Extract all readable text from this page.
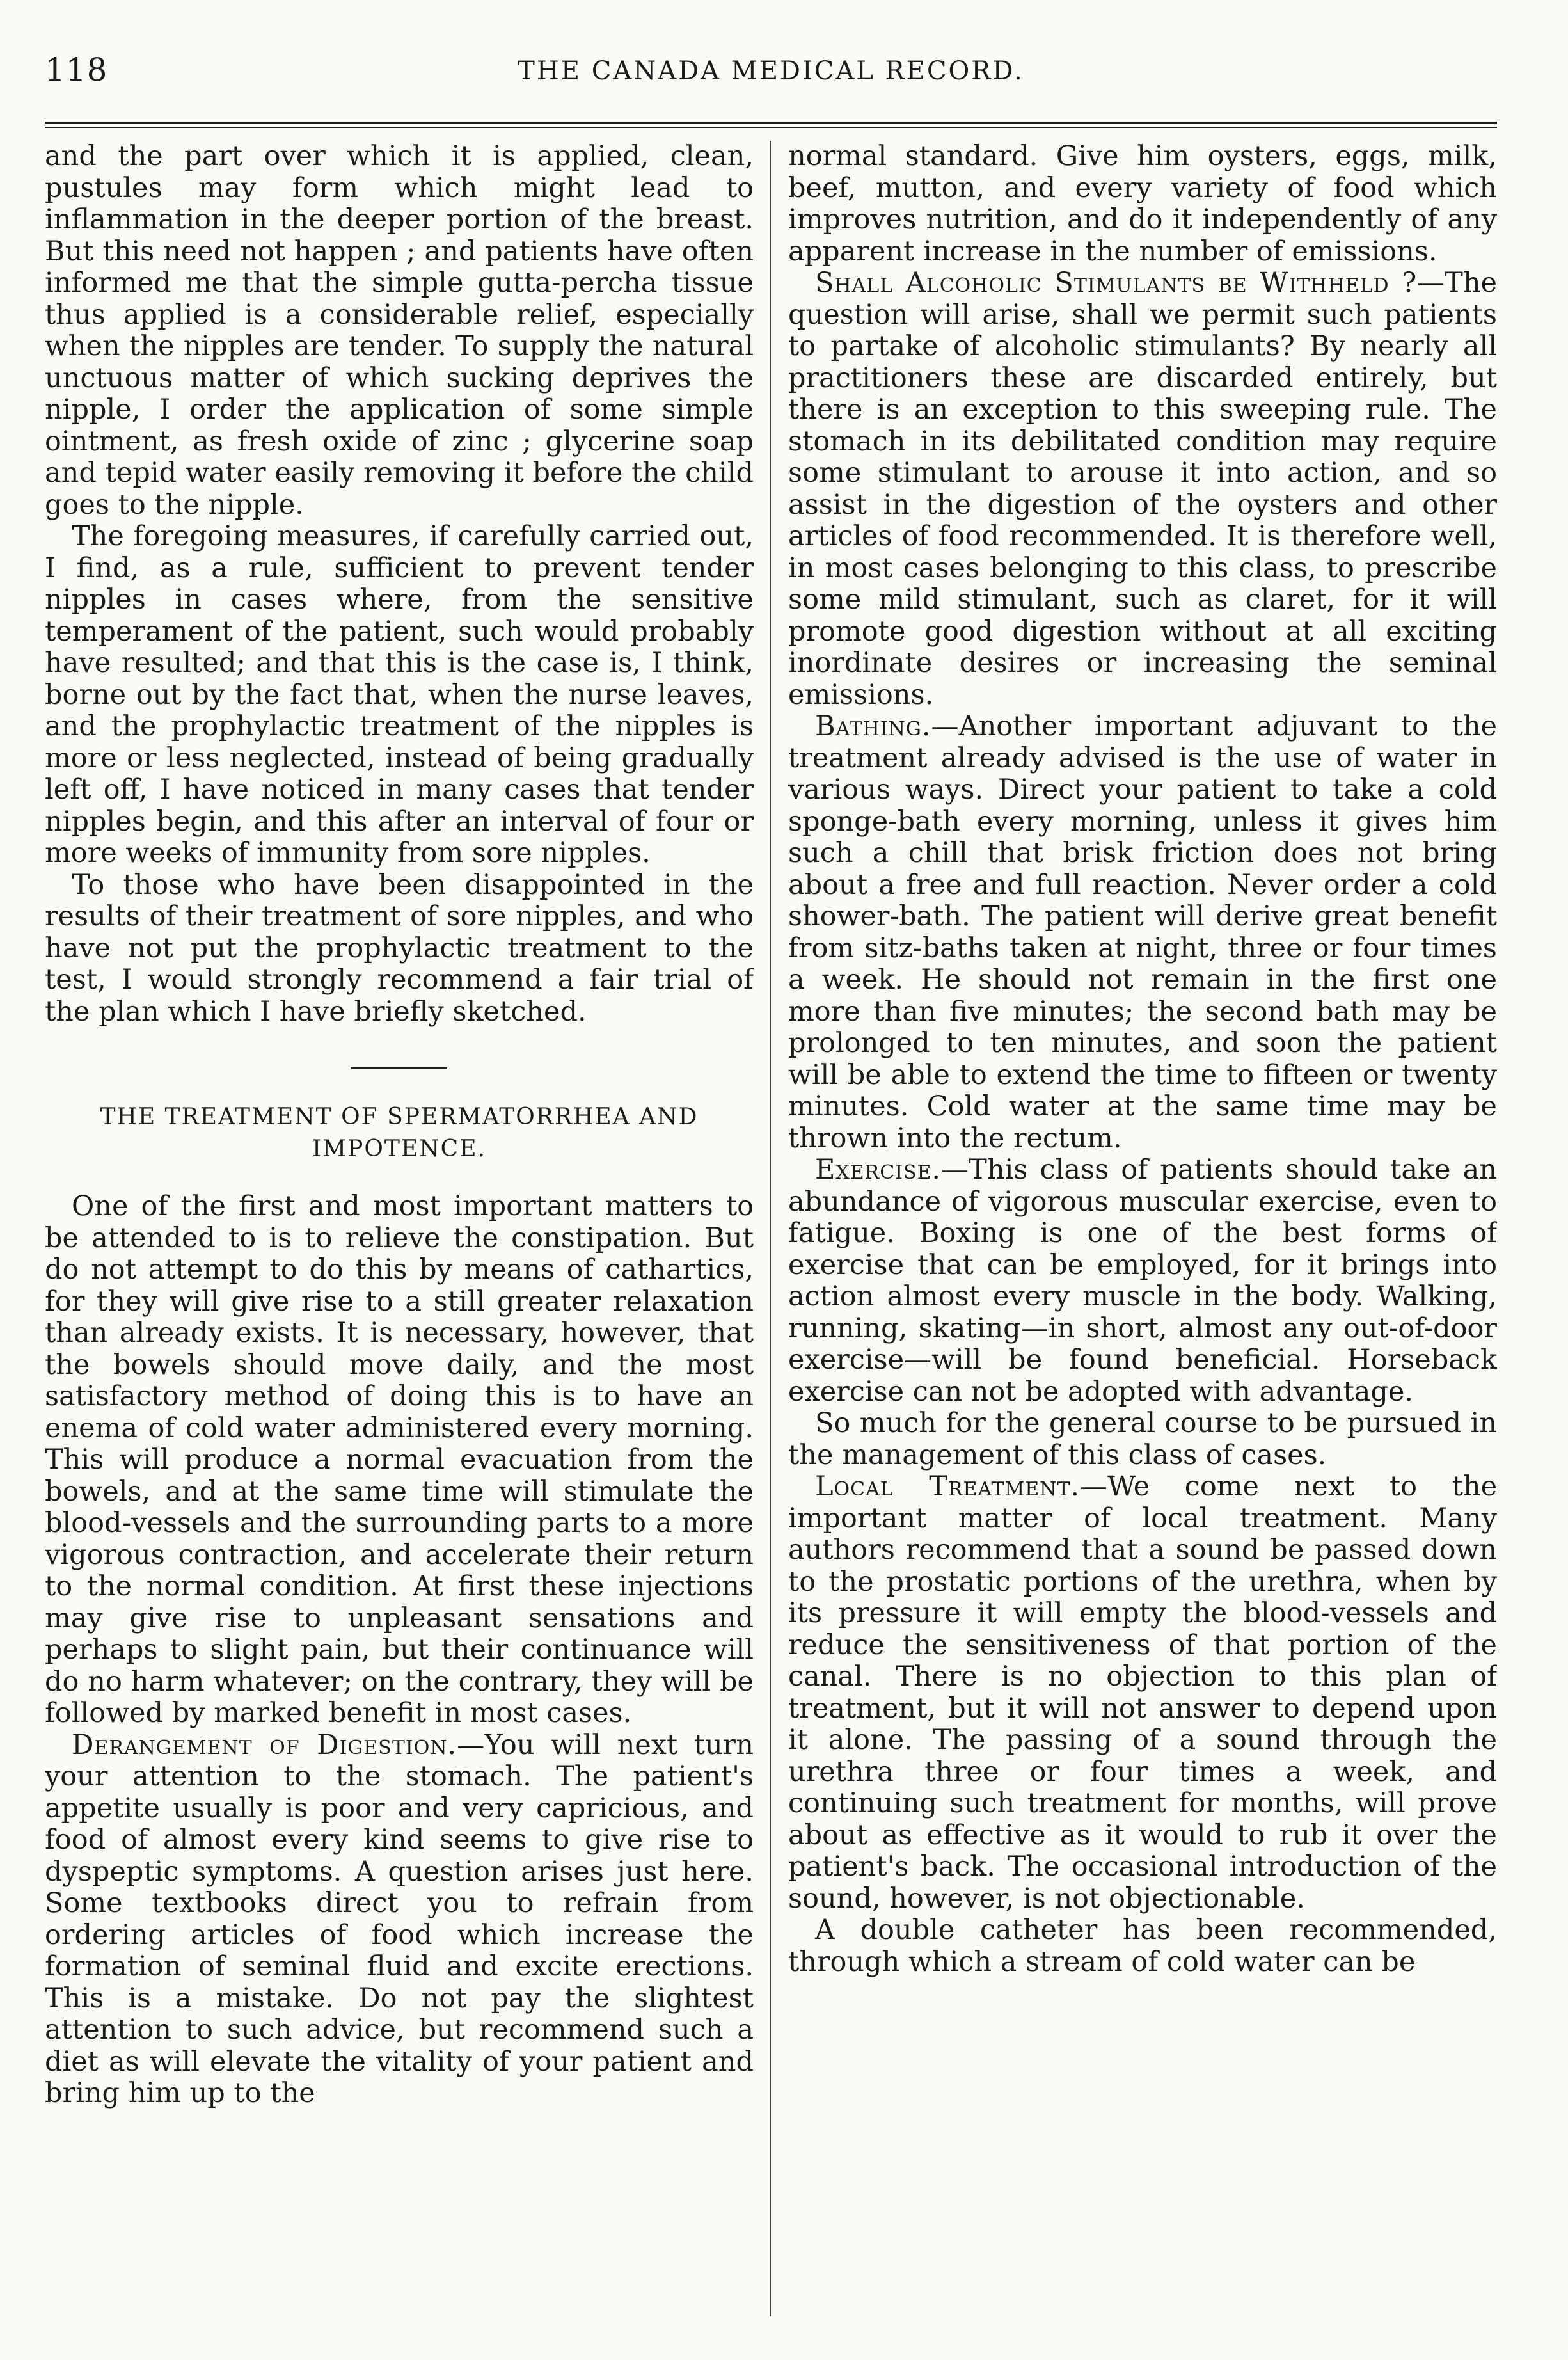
118	THE CANADA MEDICAL RECORD.

and the part over which it is applied, clean, pustules may form which might lead to inflammation in the deeper portion of the breast. But this need not happen ; and patients have often informed me that the simple gutta-percha tissue thus applied is a considerable relief, especially when the nipples are tender. To supply the natural unctuous matter of which sucking deprives the nipple, I order the application of some simple ointment, as fresh oxide of zinc ; glycerine soap and tepid water easily removing it before the child goes to the nipple.

The foregoing measures, if carefully carried out, I find, as a rule, sufficient to prevent tender nipples in cases where, from the sensitive temperament of the patient, such would probably have resulted; and that this is the case is, I think, borne out by the fact that, when the nurse leaves, and the prophylactic treatment of the nipples is more or less neglected, instead of being gradually left off, I have noticed in many cases that tender nipples begin, and this after an interval of four or more weeks of immunity from sore nipples.

To those who have been disappointed in the results of their treatment of sore nipples, and who have not put the prophylactic treatment to the test, I would strongly recommend a fair trial of the plan which I have briefly sketched.

THE TREATMENT OF SPERMATORRHEA AND IMPOTENCE.

One of the first and most important matters to be attended to is to relieve the constipation. But do not attempt to do this by means of cathartics, for they will give rise to a still greater relaxation than already exists. It is necessary, however, that the bowels should move daily, and the most satisfactory method of doing this is to have an enema of cold water administered every morning. This will produce a normal evacuation from the bowels, and at the same time will stimulate the blood-vessels and the surrounding parts to a more vigorous contraction, and accelerate their return to the normal condition. At first these injections may give rise to unpleasant sensations and perhaps to slight pain, but their continuance will do no harm whatever; on the contrary, they will be followed by marked benefit in most cases.

Derangement of Digestion.—You will next turn your attention to the stomach. The patient's appetite usually is poor and very capricious, and food of almost every kind seems to give rise to dyspeptic symptoms. A question arises just here. Some textbooks direct you to refrain from ordering articles of food which increase the formation of seminal fluid and excite erections. This is a mistake. Do not pay the slightest attention to such advice, but recommend such a diet as will elevate the vitality of your patient and bring him up to the

normal standard. Give him oysters, eggs, milk, beef, mutton, and every variety of food which improves nutrition, and do it independently of any apparent increase in the number of emissions.

Shall Alcoholic Stimulants be Withheld ?—The question will arise, shall we permit such patients to partake of alcoholic stimulants? By nearly all practitioners these are discarded entirely, but there is an exception to this sweeping rule. The stomach in its debilitated condition may require some stimulant to arouse it into action, and so assist in the digestion of the oysters and other articles of food recommended. It is therefore well, in most cases belonging to this class, to prescribe some mild stimulant, such as claret, for it will promote good digestion without at all exciting inordinate desires or increasing the seminal emissions.

Bathing.—Another important adjuvant to the treatment already advised is the use of water in various ways. Direct your patient to take a cold sponge-bath every morning, unless it gives him such a chill that brisk friction does not bring about a free and full reaction. Never order a cold shower-bath. The patient will derive great benefit from sitz-baths taken at night, three or four times a week. He should not remain in the first one more than five minutes; the second bath may be prolonged to ten minutes, and soon the patient will be able to extend the time to fifteen or twenty minutes. Cold water at the same time may be thrown into the rectum.

Exercise.—This class of patients should take an abundance of vigorous muscular exercise, even to fatigue. Boxing is one of the best forms of exercise that can be employed, for it brings into action almost every muscle in the body. Walking, running, skating—in short, almost any out-of-door exercise—will be found beneficial. Horseback exercise can not be adopted with advantage.

So much for the general course to be pursued in the management of this class of cases.

Local Treatment.—We come next to the important matter of local treatment. Many authors recommend that a sound be passed down to the prostatic portions of the urethra, when by its pressure it will empty the blood-vessels and reduce the sensitiveness of that portion of the canal. There is no objection to this plan of treatment, but it will not answer to depend upon it alone. The passing of a sound through the urethra three or four times a week, and continuing such treatment for months, will prove about as effective as it would to rub it over the patient's back. The occasional introduction of the sound, however, is not objectionable.

A double catheter has been recommended, through which a stream of cold water can be
